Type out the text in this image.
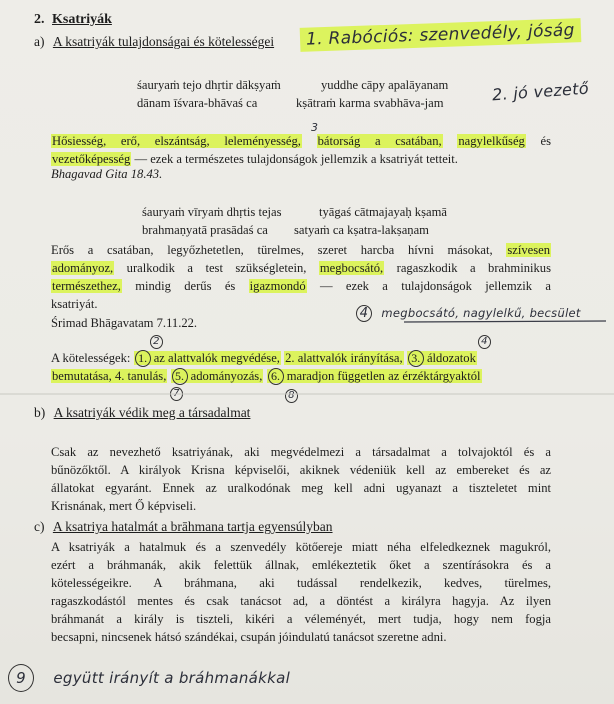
2. Ksatriyák
a) A ksatriyák tulajdonságai és kötelességei	1. Rabóciós: szenvedély, jóság
śauryaṁ tejo dhṛtir dākṣyaṁ	yuddhe cāpy apalāyanam
dānam īśvara-bhāvaś ca	kṣātraṁ karma svabhāva-jam	2. jó vezető
Hősiesség, erő, elszántság, leleményesség, bátorság a csatában, nagylelkűség és
vezetőképesség — ezek a természetes tulajdonságok jellemzik a ksatriyát tetteit.
3
Bhagavad Gita 18.43.
śauryaṁ vīryaṁ dhṛtis tejas	tyāgaś cātmajayaḥ kṣamā
brahmaṇyatā prasādaś ca satyaṁ ca kṣatra-lakṣaṇam
Erős a csatában, legyőzhetetlen, türelmes, szeret harcba hívni másokat, szívesen
adományoz, uralkodik a test szükségletein, megbocsátó, ragaszkodik a brahminikus
természethez, mindig derűs és igazmondó — ezek a tulajdonságok jellemzik a
ksatriyát.
Śrimad Bhāgavatam 7.11.22.
4 megbocsátó, nagylelkű, becsület
2	4
A kötelességek: 1. az alattvalók megvédése, 2. alattvalók irányítása, 3. áldozatok
bemutatása, 4. tanulás, 5. adományozás, 6. maradjon független az érzéktárgyaktól
7	8
b) A ksatriyák védik meg a társadalmat
Csak az nevezhető ksatriyának, aki megvédelmezi a társadalmat a tolvajoktól és a
bűnözőktől. A királyok Krisna képviselői, akiknek védeniük kell az embereket és az
állatokat egyaránt. Ennek az uralkodónak meg kell adni ugyanazt a tiszteletet mint
Krisnának, mert Ő képviseli.
c) A ksatriya hatalmát a brāhmana tartja egyensúlyban
A ksatriyák a hatalmuk és a szenvedély kötőereje miatt néha elfeledkeznek magukról,
ezért a bráhmanák, akik felettük állnak, emlékeztetik őket a szentírásokra és a
kötelességeikre. A bráhmana, aki tudással rendelkezik, kedves, türelmes,
ragaszkodástól mentes és csak tanácsot ad, a döntést a királyra hagyja. Az ilyen
bráhmanát a király is tiszteli, kikéri a véleményét, mert tudja, hogy nem fogja
becsapni, nincsenek hátsó szándékai, csupán jóindulatú tanácsot szeretne adni.
9 együtt irányít a bráhmanákkal
